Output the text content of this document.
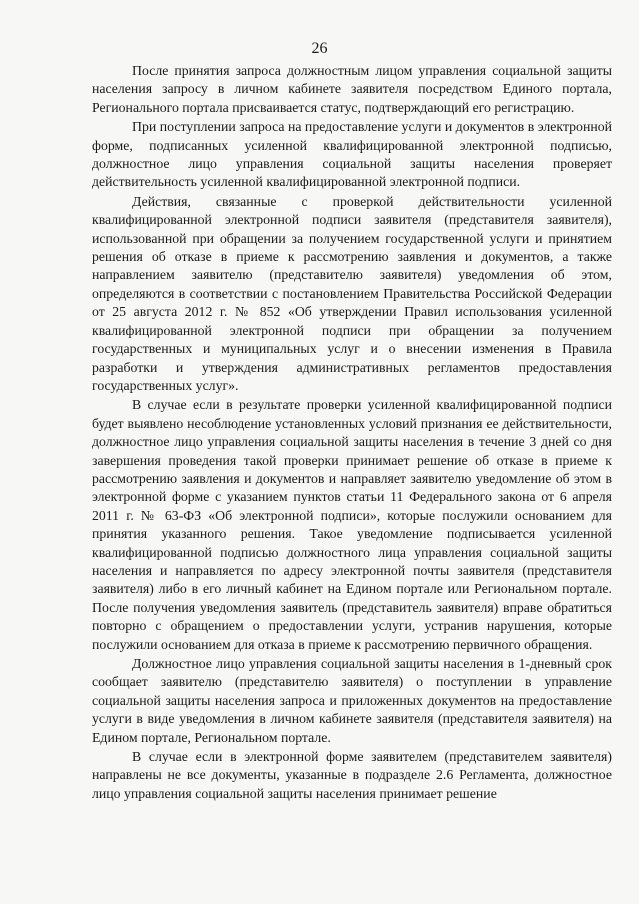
26

После принятия запроса должностным лицом управления социальной защиты населения запросу в личном кабинете заявителя посредством Единого портала, Регионального портала присваивается статус, подтверждающий его регистрацию.

При поступлении запроса на предоставление услуги и документов в электронной форме, подписанных усиленной квалифицированной электронной подписью, должностное лицо управления социальной защиты населения проверяет действительность усиленной квалифицированной электронной подписи.

Действия, связанные с проверкой действительности усиленной квалифицированной электронной подписи заявителя (представителя заявителя), использованной при обращении за получением государственной услуги и принятием решения об отказе в приеме к рассмотрению заявления и документов, а также направлением заявителю (представителю заявителя) уведомления об этом, определяются в соответствии с постановлением Правительства Российской Федерации от 25 августа 2012 г. № 852 «Об утверждении Правил использования усиленной квалифицированной электронной подписи при обращении за получением государственных и муниципальных услуг и о внесении изменения в Правила разработки и утверждения административных регламентов предоставления государственных услуг».

В случае если в результате проверки усиленной квалифицированной подписи будет выявлено несоблюдение установленных условий признания ее действительности, должностное лицо управления социальной защиты населения в течение 3 дней со дня завершения проведения такой проверки принимает решение об отказе в приеме к рассмотрению заявления и документов и направляет заявителю уведомление об этом в электронной форме с указанием пунктов статьи 11 Федерального закона от 6 апреля 2011 г. № 63-ФЗ «Об электронной подписи», которые послужили основанием для принятия указанного решения. Такое уведомление подписывается усиленной квалифицированной подписью должностного лица управления социальной защиты населения и направляется по адресу электронной почты заявителя (представителя заявителя) либо в его личный кабинет на Едином портале или Региональном портале. После получения уведомления заявитель (представитель заявителя) вправе обратиться повторно с обращением о предоставлении услуги, устранив нарушения, которые послужили основанием для отказа в приеме к рассмотрению первичного обращения.

Должностное лицо управления социальной защиты населения в 1-дневный срок сообщает заявителю (представителю заявителя) о поступлении в управление социальной защиты населения запроса и приложенных документов на предоставление услуги в виде уведомления в личном кабинете заявителя (представителя заявителя) на Едином портале, Региональном портале.

В случае если в электронной форме заявителем (представителем заявителя) направлены не все документы, указанные в подразделе 2.6 Регламента, должностное лицо управления социальной защиты населения принимает решение
